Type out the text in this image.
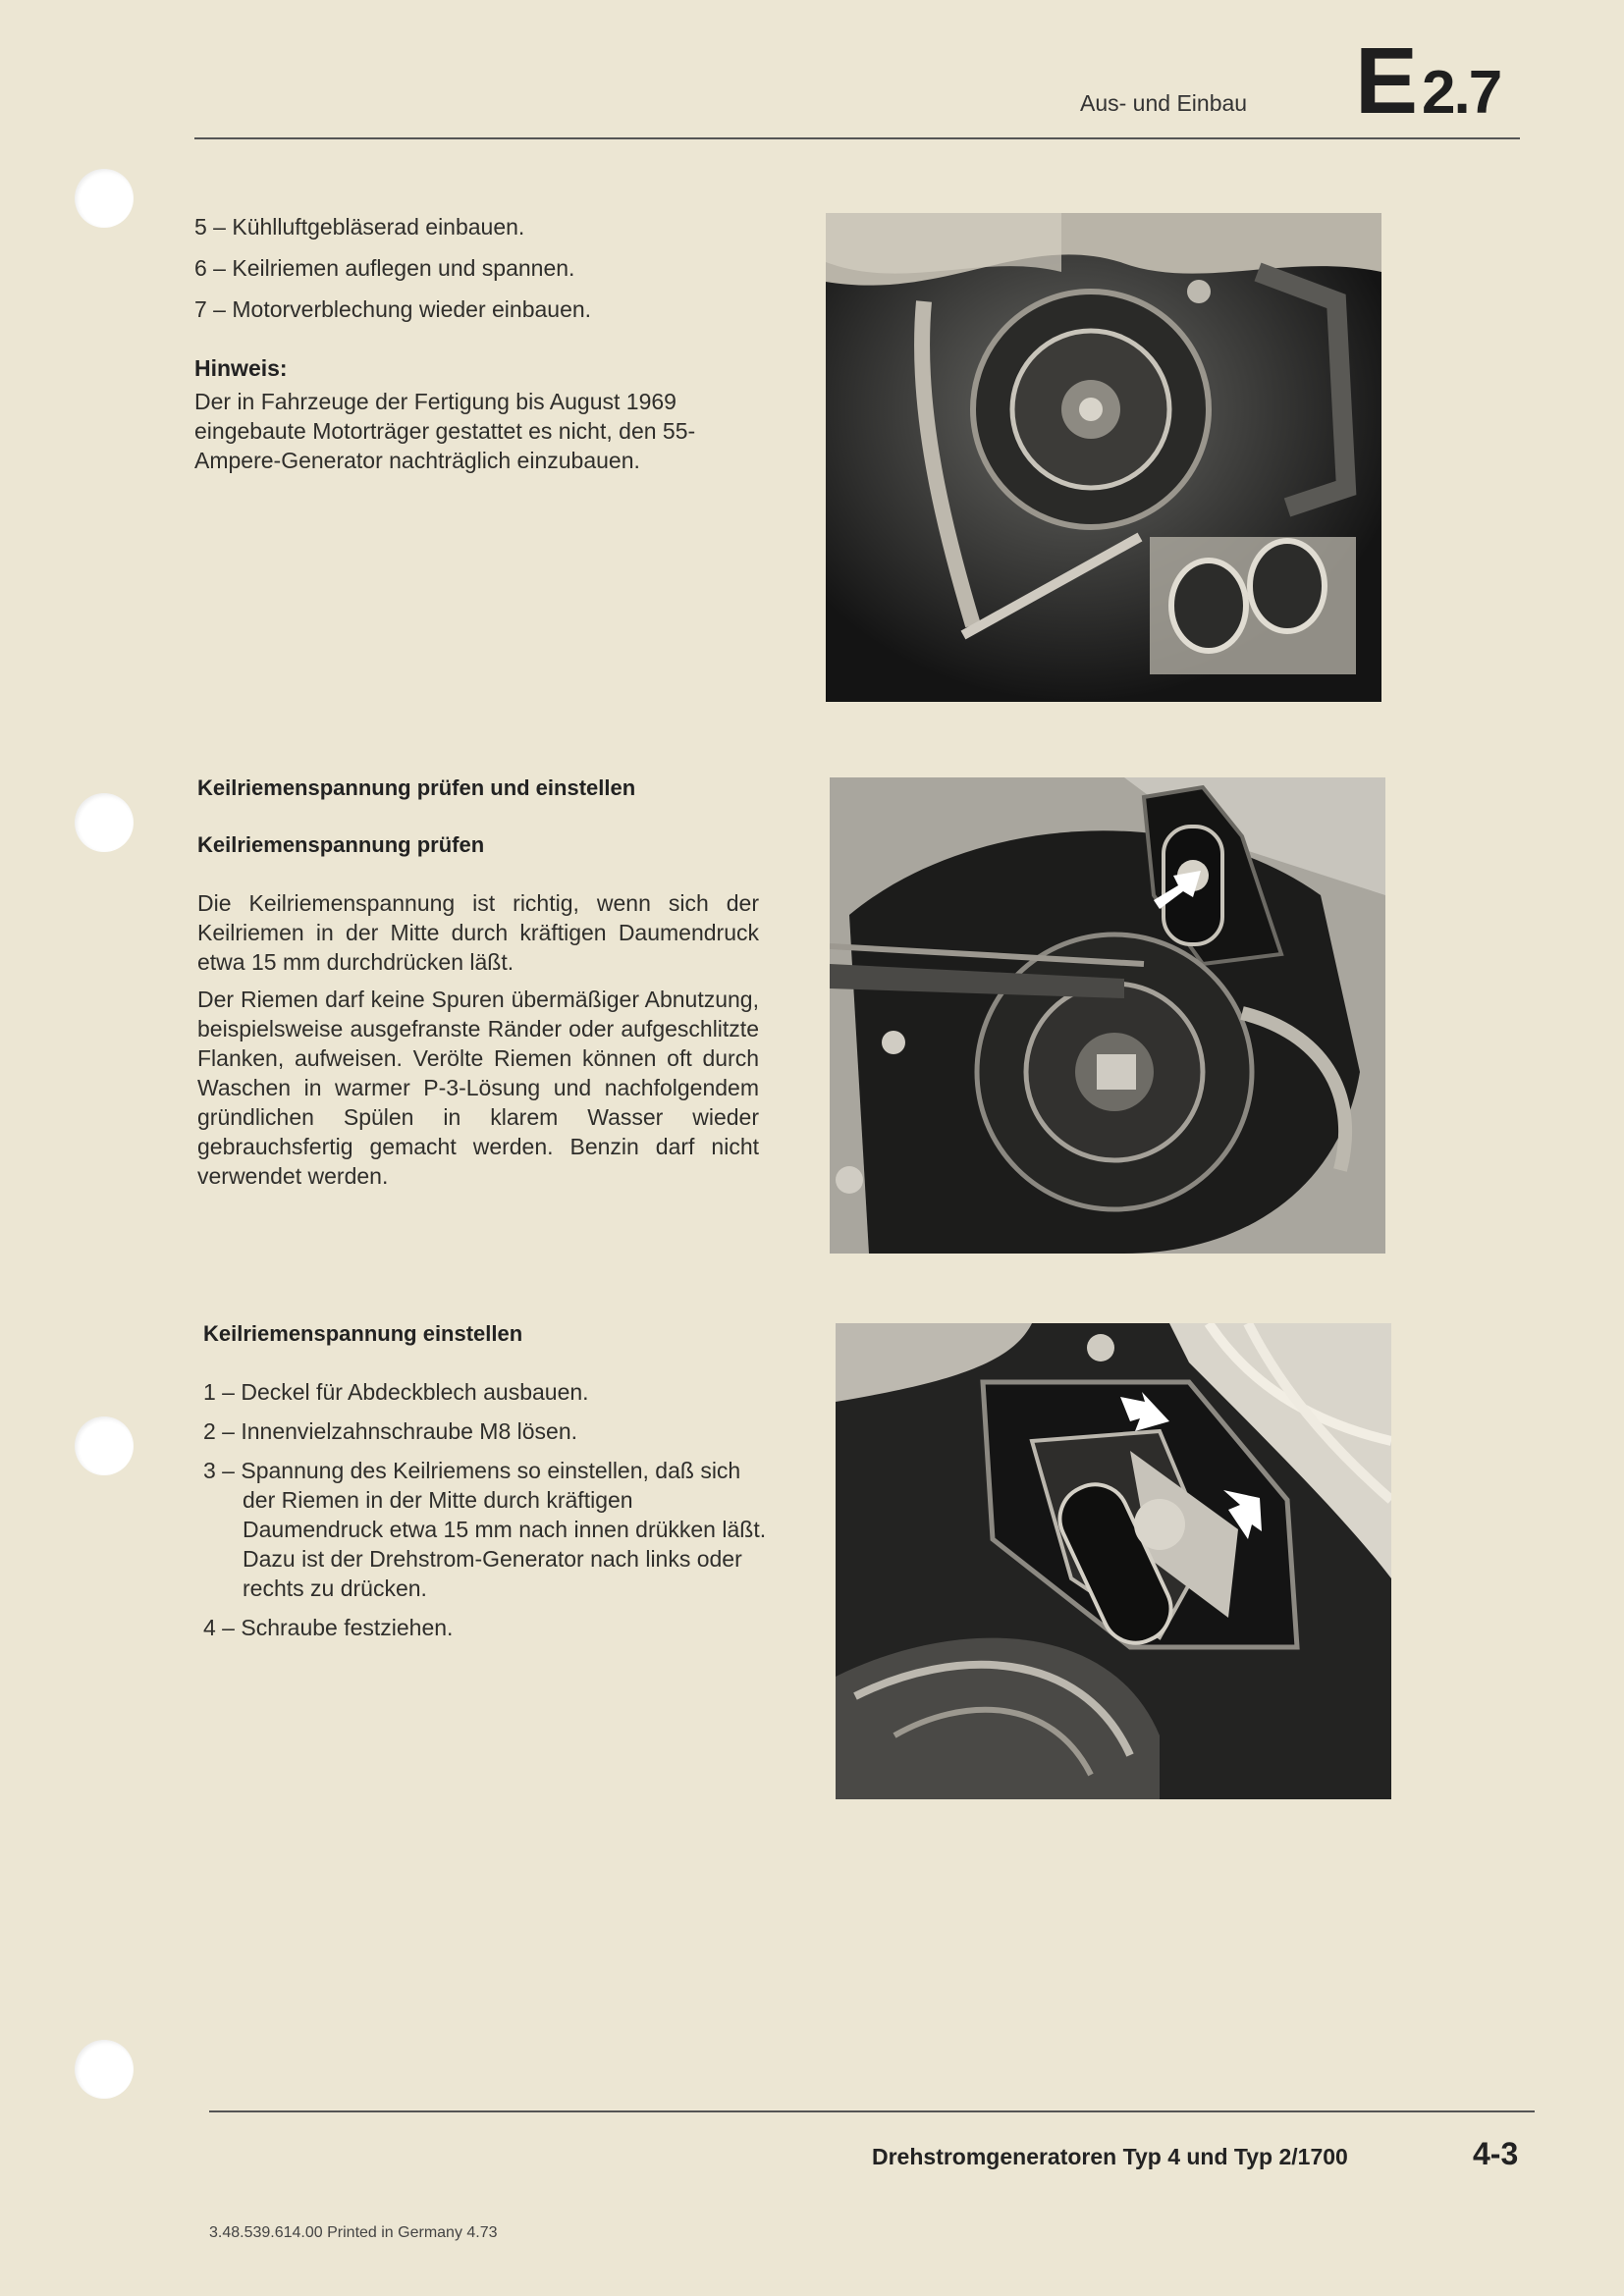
Aus- und Einbau E2.7
5 – Kühlluftgebläserad einbauen.
6 – Keilriemen auflegen und spannen.
7 – Motorverblechung wieder einbauen.
Hinweis:
Der in Fahrzeuge der Fertigung bis August 1969 eingebaute Motorträger gestattet es nicht, den 55-Ampere-Generator nachträglich einzubauen.
Keilriemenspannung prüfen und einstellen
Keilriemenspannung prüfen
Die Keilriemenspannung ist richtig, wenn sich der Keilriemen in der Mitte durch kräftigen Daumendruck etwa 15 mm durchdrücken läßt.
Der Riemen darf keine Spuren übermäßiger Abnutzung, beispielsweise ausgefranste Ränder oder aufgeschlitzte Flanken, aufweisen. Verölte Riemen können oft durch Waschen in warmer P-3-Lösung und nachfolgendem gründlichen Spülen in klarem Wasser wieder gebrauchsfertig gemacht werden. Benzin darf nicht verwendet werden.
Keilriemenspannung einstellen
1 – Deckel für Abdeckblech ausbauen.
2 – Innenvielzahnschraube M8 lösen.
3 – Spannung des Keilriemens so einstellen, daß sich der Riemen in der Mitte durch kräftigen Daumendruck etwa 15 mm nach innen drükken läßt. Dazu ist der Drehstrom-Generator nach links oder rechts zu drücken.
4 – Schraube festziehen.
Drehstromgeneratoren Typ 4 und Typ 2/1700	4-3
3.48.539.614.00 Printed in Germany 4.73
